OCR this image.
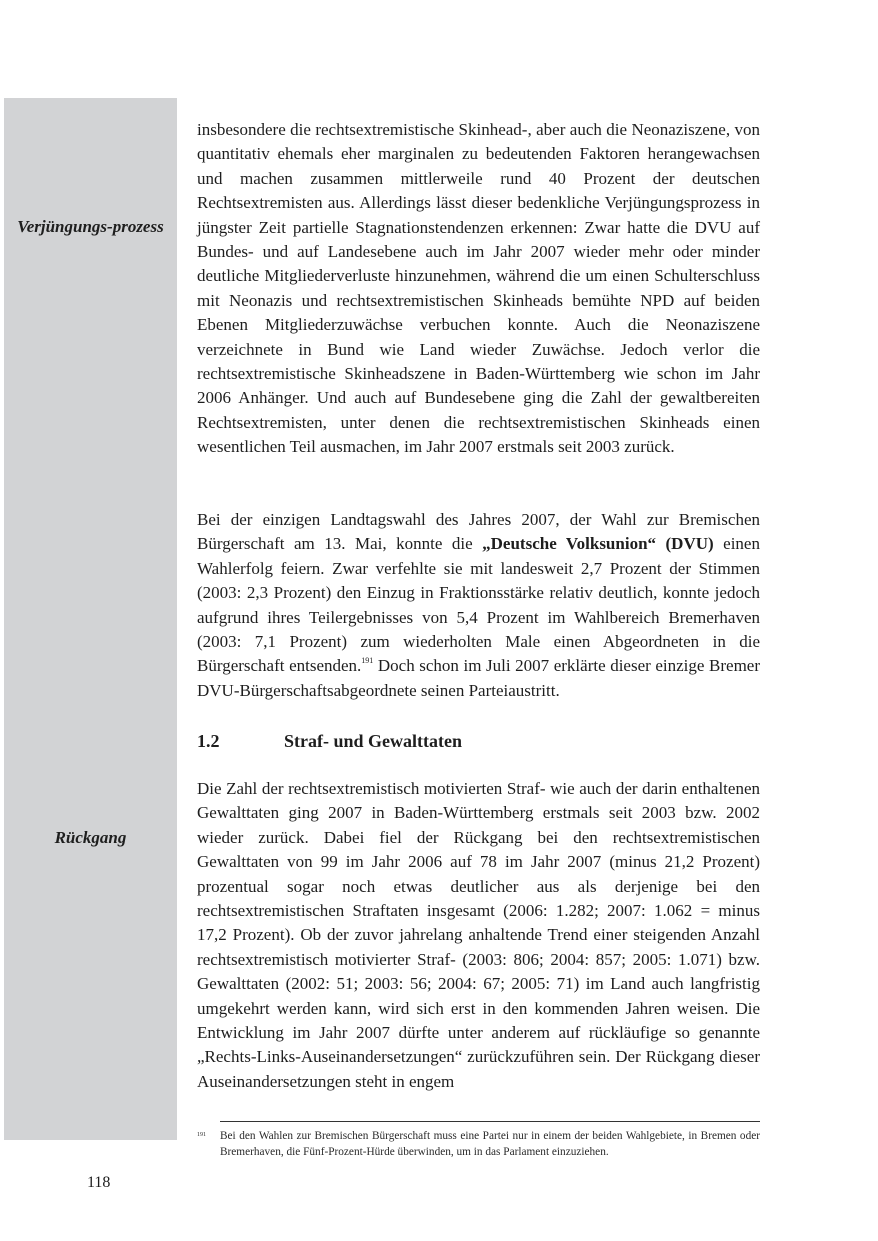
Verjüngungs-prozess
Rückgang

insbesondere die rechtsextremistische Skinhead-, aber auch die Neonaziszene, von quantitativ ehemals eher marginalen zu bedeutenden Faktoren herangewachsen und machen zusammen mittlerweile rund 40 Prozent der deutschen Rechtsextremisten aus. Allerdings lässt dieser bedenkliche Verjüngungsprozess in jüngster Zeit partielle Stagnationstendenzen erkennen: Zwar hatte die DVU auf Bundes- und auf Landesebene auch im Jahr 2007 wieder mehr oder minder deutliche Mitgliederverluste hinzunehmen, während die um einen Schulterschluss mit Neonazis und rechtsextremistischen Skinheads bemühte NPD auf beiden Ebenen Mitgliederzuwächse verbuchen konnte. Auch die Neonaziszene verzeichnete in Bund wie Land wieder Zuwächse. Jedoch verlor die rechtsextremistische Skinheadszene in Baden-Württemberg wie schon im Jahr 2006 Anhänger. Und auch auf Bundesebene ging die Zahl der gewaltbereiten Rechtsextremisten, unter denen die rechtsextremistischen Skinheads einen wesentlichen Teil ausmachen, im Jahr 2007 erstmals seit 2003 zurück.

Bei der einzigen Landtagswahl des Jahres 2007, der Wahl zur Bremischen Bürgerschaft am 13. Mai, konnte die „Deutsche Volksunion“ (DVU) einen Wahlerfolg feiern. Zwar verfehlte sie mit landesweit 2,7 Prozent der Stimmen (2003: 2,3 Prozent) den Einzug in Fraktionsstärke relativ deutlich, konnte jedoch aufgrund ihres Teilergebnisses von 5,4 Prozent im Wahlbereich Bremerhaven (2003: 7,1 Prozent) zum wiederholten Male einen Abgeordneten in die Bürgerschaft entsenden.$^{191}$ Doch schon im Juli 2007 erklärte dieser einzige Bremer DVU-Bürgerschaftsabgeordnete seinen Parteiaustritt.

1.2	Straf- und Gewalttaten

Die Zahl der rechtsextremistisch motivierten Straf- wie auch der darin enthaltenen Gewalttaten ging 2007 in Baden-Württemberg erstmals seit 2003 bzw. 2002 wieder zurück. Dabei fiel der Rückgang bei den rechtsextremistischen Gewalttaten von 99 im Jahr 2006 auf 78 im Jahr 2007 (minus 21,2 Prozent) prozentual sogar noch etwas deutlicher aus als derjenige bei den rechtsextremistischen Straftaten insgesamt (2006: 1.282; 2007: 1.062 = minus 17,2 Prozent). Ob der zuvor jahrelang anhaltende Trend einer steigenden Anzahl rechtsextremistisch motivierter Straf- (2003: 806; 2004: 857; 2005: 1.071) bzw. Gewalttaten (2002: 51; 2003: 56; 2004: 67; 2005: 71) im Land auch langfristig umgekehrt werden kann, wird sich erst in den kommenden Jahren weisen. Die Entwicklung im Jahr 2007 dürfte unter anderem auf rückläufige so genannte „Rechts-Links-Auseinandersetzungen“ zurückzuführen sein. Der Rückgang dieser Auseinandersetzungen steht in engem

191 Bei den Wahlen zur Bremischen Bürgerschaft muss eine Partei nur in einem der beiden Wahlgebiete, in Bremen oder Bremerhaven, die Fünf-Prozent-Hürde überwinden, um in das Parlament einzuziehen.
118
